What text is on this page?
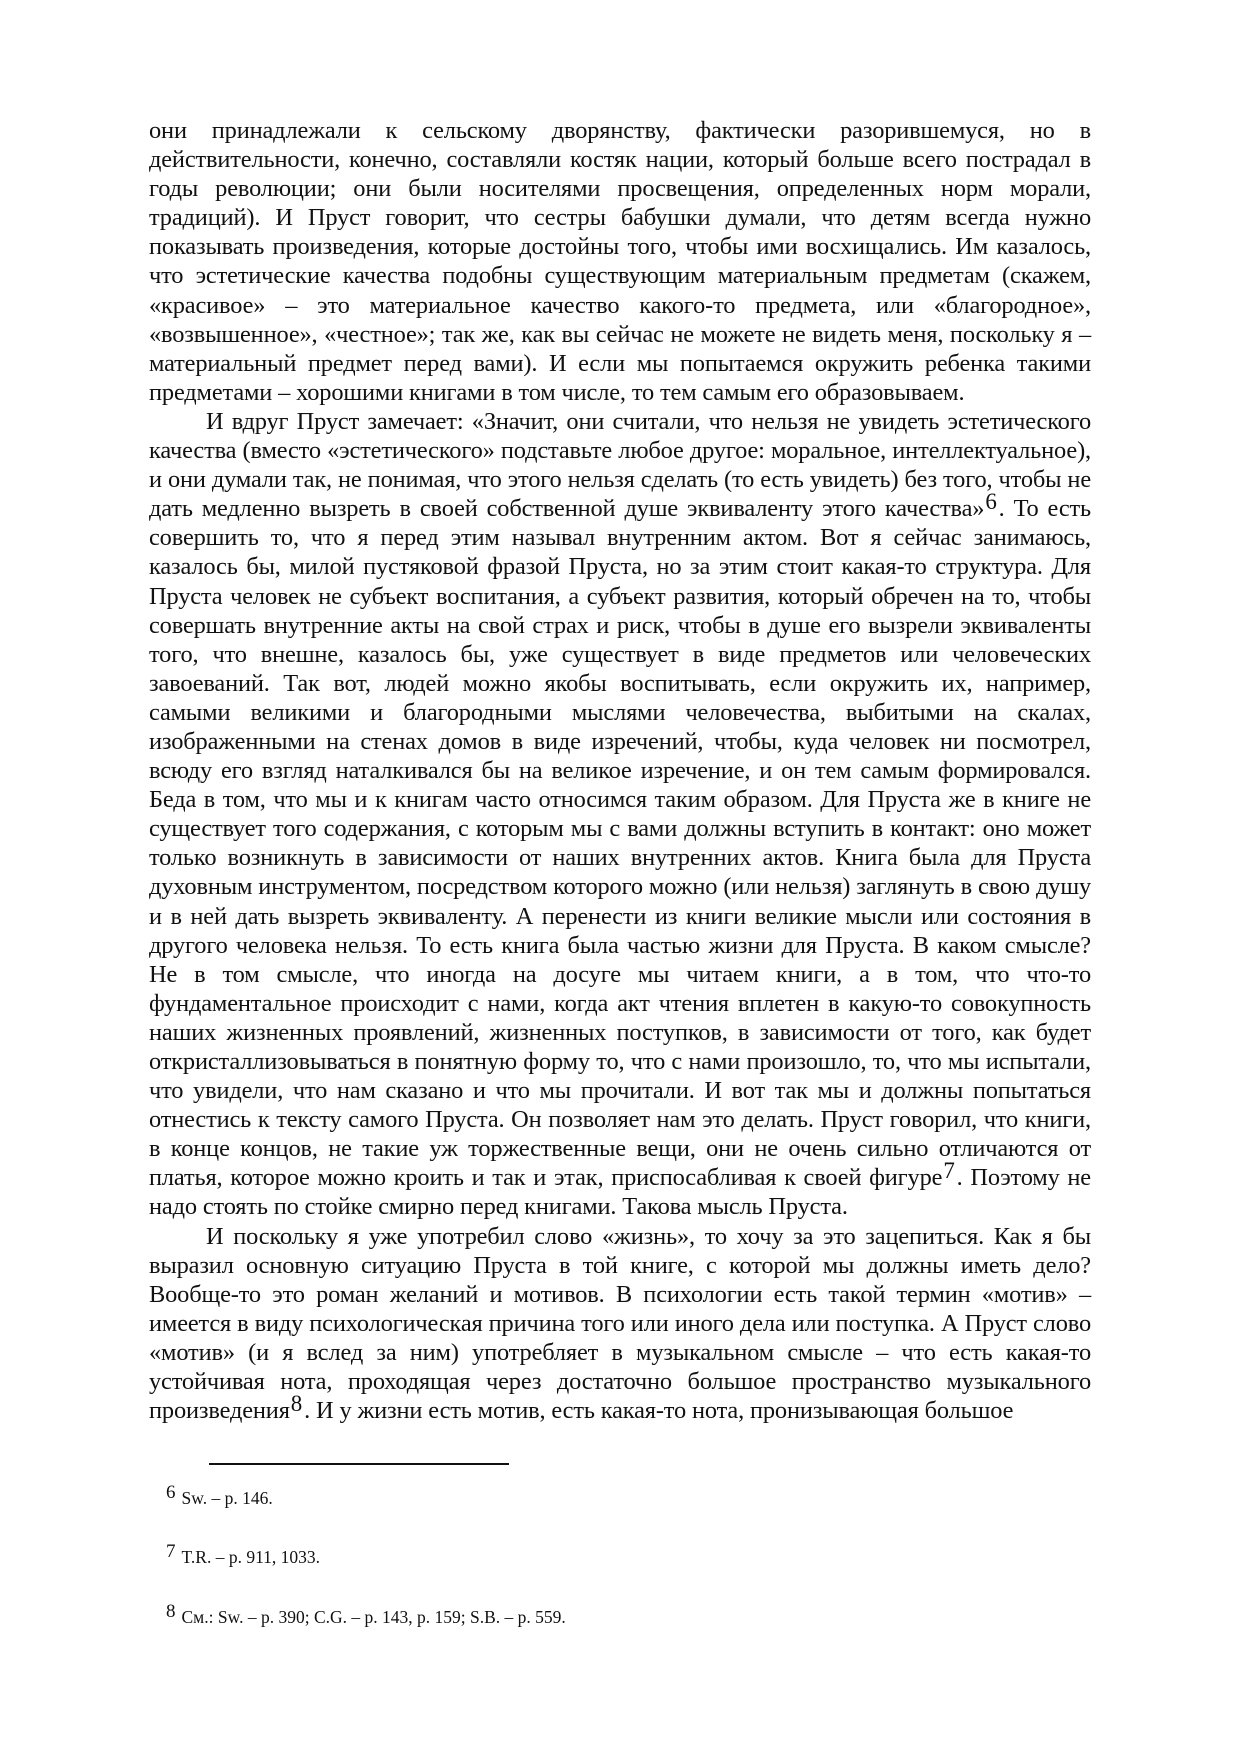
они принадлежали к сельскому дворянству, фактически разорившемуся, но в действительности, конечно, составляли костяк нации, который больше всего пострадал в годы революции; они были носителями просвещения, определенных норм морали, традиций). И Пруст говорит, что сестры бабушки думали, что детям всегда нужно показывать произведения, которые достойны того, чтобы ими восхищались. Им казалось, что эстетические качества подобны существующим материальным предметам (скажем, «красивое» – это материальное качество какого-то предмета, или «благородное», «возвышенное», «честное»; так же, как вы сейчас не можете не видеть меня, поскольку я – материальный предмет перед вами). И если мы попытаемся окружить ребенка такими предметами – хорошими книгами в том числе, то тем самым его образовываем.

И вдруг Пруст замечает: «Значит, они считали, что нельзя не увидеть эстетического качества (вместо «эстетического» подставьте любое другое: моральное, интеллектуальное), и они думали так, не понимая, что этого нельзя сделать (то есть увидеть) без того, чтобы не дать медленно вызреть в своей собственной душе эквиваленту этого качества»$^6$. То есть совершить то, что я перед этим называл внутренним актом. Вот я сейчас занимаюсь, казалось бы, милой пустяковой фразой Пруста, но за этим стоит какая-то структура. Для Пруста человек не субъект воспитания, а субъект развития, который обречен на то, чтобы совершать внутренние акты на свой страх и риск, чтобы в душе его вызрели эквиваленты того, что внешне, казалось бы, уже существует в виде предметов или человеческих завоеваний. Так вот, людей можно якобы воспитывать, если окружить их, например, самыми великими и благородными мыслями человечества, выбитыми на скалах, изображенными на стенах домов в виде изречений, чтобы, куда человек ни посмотрел, всюду его взгляд наталкивался бы на великое изречение, и он тем самым формировался. Беда в том, что мы и к книгам часто относимся таким образом. Для Пруста же в книге не существует того содержания, с которым мы с вами должны вступить в контакт: оно может только возникнуть в зависимости от наших внутренних актов. Книга была для Пруста духовным инструментом, посредством которого можно (или нельзя) заглянуть в свою душу и в ней дать вызреть эквиваленту. А перенести из книги великие мысли или состояния в другого человека нельзя. То есть книга была частью жизни для Пруста. В каком смысле? Не в том смысле, что иногда на досуге мы читаем книги, а в том, что что-то фундаментальное происходит с нами, когда акт чтения вплетен в какую-то совокупность наших жизненных проявлений, жизненных поступков, в зависимости от того, как будет откристаллизовываться в понятную форму то, что с нами произошло, то, что мы испытали, что увидели, что нам сказано и что мы прочитали. И вот так мы и должны попытаться отнестись к тексту самого Пруста. Он позволяет нам это делать. Пруст говорил, что книги, в конце концов, не такие уж торжественные вещи, они не очень сильно отличаются от платья, которое можно кроить и так и этак, приспосабливая к своей фигуре$^7$. Поэтому не надо стоять по стойке смирно перед книгами. Такова мысль Пруста.

И поскольку я уже употребил слово «жизнь», то хочу за это зацепиться. Как я бы выразил основную ситуацию Пруста в той книге, с которой мы должны иметь дело? Вообще-то это роман желаний и мотивов. В психологии есть такой термин «мотив» – имеется в виду психологическая причина того или иного дела или поступка. А Пруст слово «мотив» (и я вслед за ним) употребляет в музыкальном смысле – что есть какая-то устойчивая нота, проходящая через достаточно большое пространство музыкального произведения$^8$. И у жизни есть мотив, есть какая-то нота, пронизывающая большое

6 Sw. – p. 146.
7 T.R. – p. 911, 1033.
8 См.: Sw. – p. 390; C.G. – p. 143, p. 159; S.B. – p. 559.
